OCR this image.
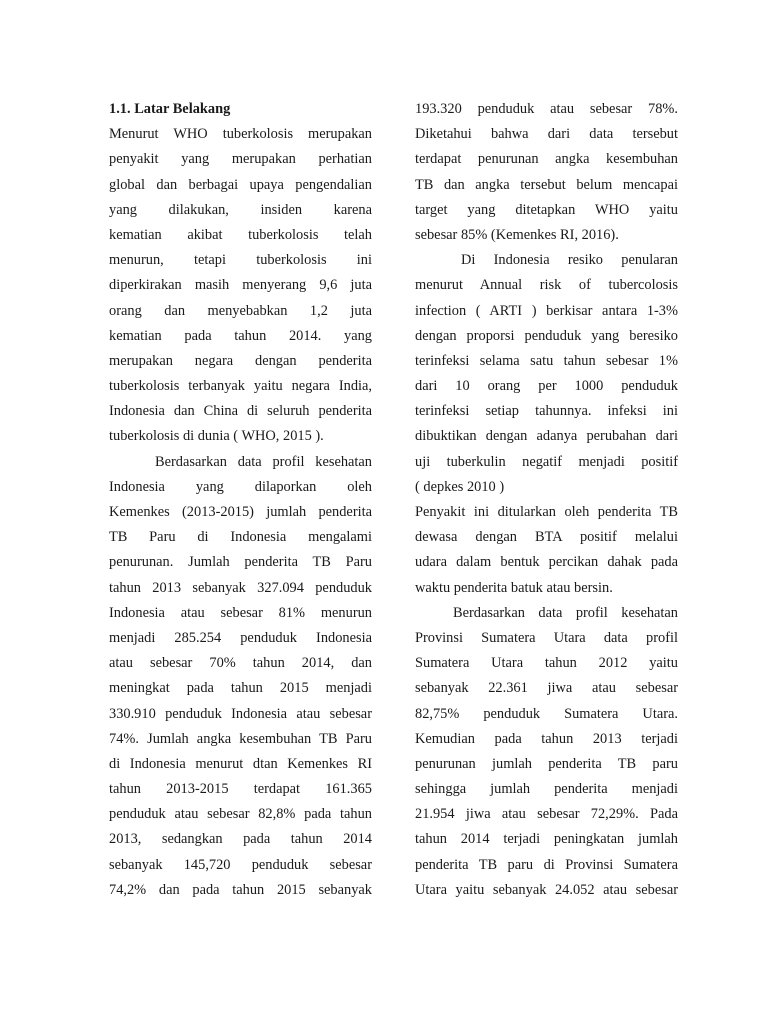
1.1. Latar Belakang
Menurut WHO tuberkolosis merupakan
penyakit yang merupakan perhatian
global dan berbagai upaya pengendalian
yang dilakukan, insiden karena
kematian akibat tuberkolosis telah
menurun, tetapi tuberkolosis ini
diperkirakan masih menyerang 9,6 juta
orang dan menyebabkan 1,2 juta
kematian pada tahun 2014. yang
merupakan negara dengan penderita
tuberkolosis terbanyak yaitu negara India,
Indonesia dan China di seluruh penderita
tuberkolosis di dunia ( WHO, 2015 ).
Berdasarkan data profil kesehatan
Indonesia yang dilaporkan oleh
Kemenkes (2013-2015) jumlah penderita
TB Paru di Indonesia mengalami
penurunan. Jumlah penderita TB Paru
tahun 2013 sebanyak 327.094 penduduk
Indonesia atau sebesar 81% menurun
menjadi 285.254 penduduk Indonesia
atau sebesar 70% tahun 2014, dan
meningkat pada tahun 2015 menjadi
330.910 penduduk Indonesia atau sebesar
74%. Jumlah angka kesembuhan TB Paru
di Indonesia menurut dtan Kemenkes RI
tahun 2013-2015 terdapat 161.365
penduduk atau sebesar 82,8% pada tahun
2013, sedangkan pada tahun 2014
sebanyak 145,720 penduduk sebesar
74,2% dan pada tahun 2015 sebanyak
193.320 penduduk atau sebesar 78%.
Diketahui bahwa dari data tersebut
terdapat penurunan angka kesembuhan
TB dan angka tersebut belum mencapai
target yang ditetapkan WHO yaitu
sebesar 85% (Kemenkes RI, 2016).
Di Indonesia resiko penularan
menurut Annual risk of tubercolosis
infection ( ARTI ) berkisar antara 1-3%
dengan proporsi penduduk yang beresiko
terinfeksi selama satu tahun sebesar 1%
dari 10 orang per 1000 penduduk
terinfeksi setiap tahunnya. infeksi ini
dibuktikan dengan adanya perubahan dari
uji tuberkulin negatif menjadi positif
( depkes 2010 )
Penyakit ini ditularkan oleh penderita TB
dewasa dengan BTA positif melalui
udara dalam bentuk percikan dahak pada
waktu penderita batuk atau bersin.
Berdasarkan data profil kesehatan
Provinsi Sumatera Utara data profil
Sumatera Utara tahun 2012 yaitu
sebanyak 22.361 jiwa atau sebesar
82,75% penduduk Sumatera Utara.
Kemudian pada tahun 2013 terjadi
penurunan jumlah penderita TB paru
sehingga jumlah penderita menjadi
21.954 jiwa atau sebesar 72,29%. Pada
tahun 2014 terjadi peningkatan jumlah
penderita TB paru di Provinsi Sumatera
Utara yaitu sebanyak 24.052 atau sebesar
